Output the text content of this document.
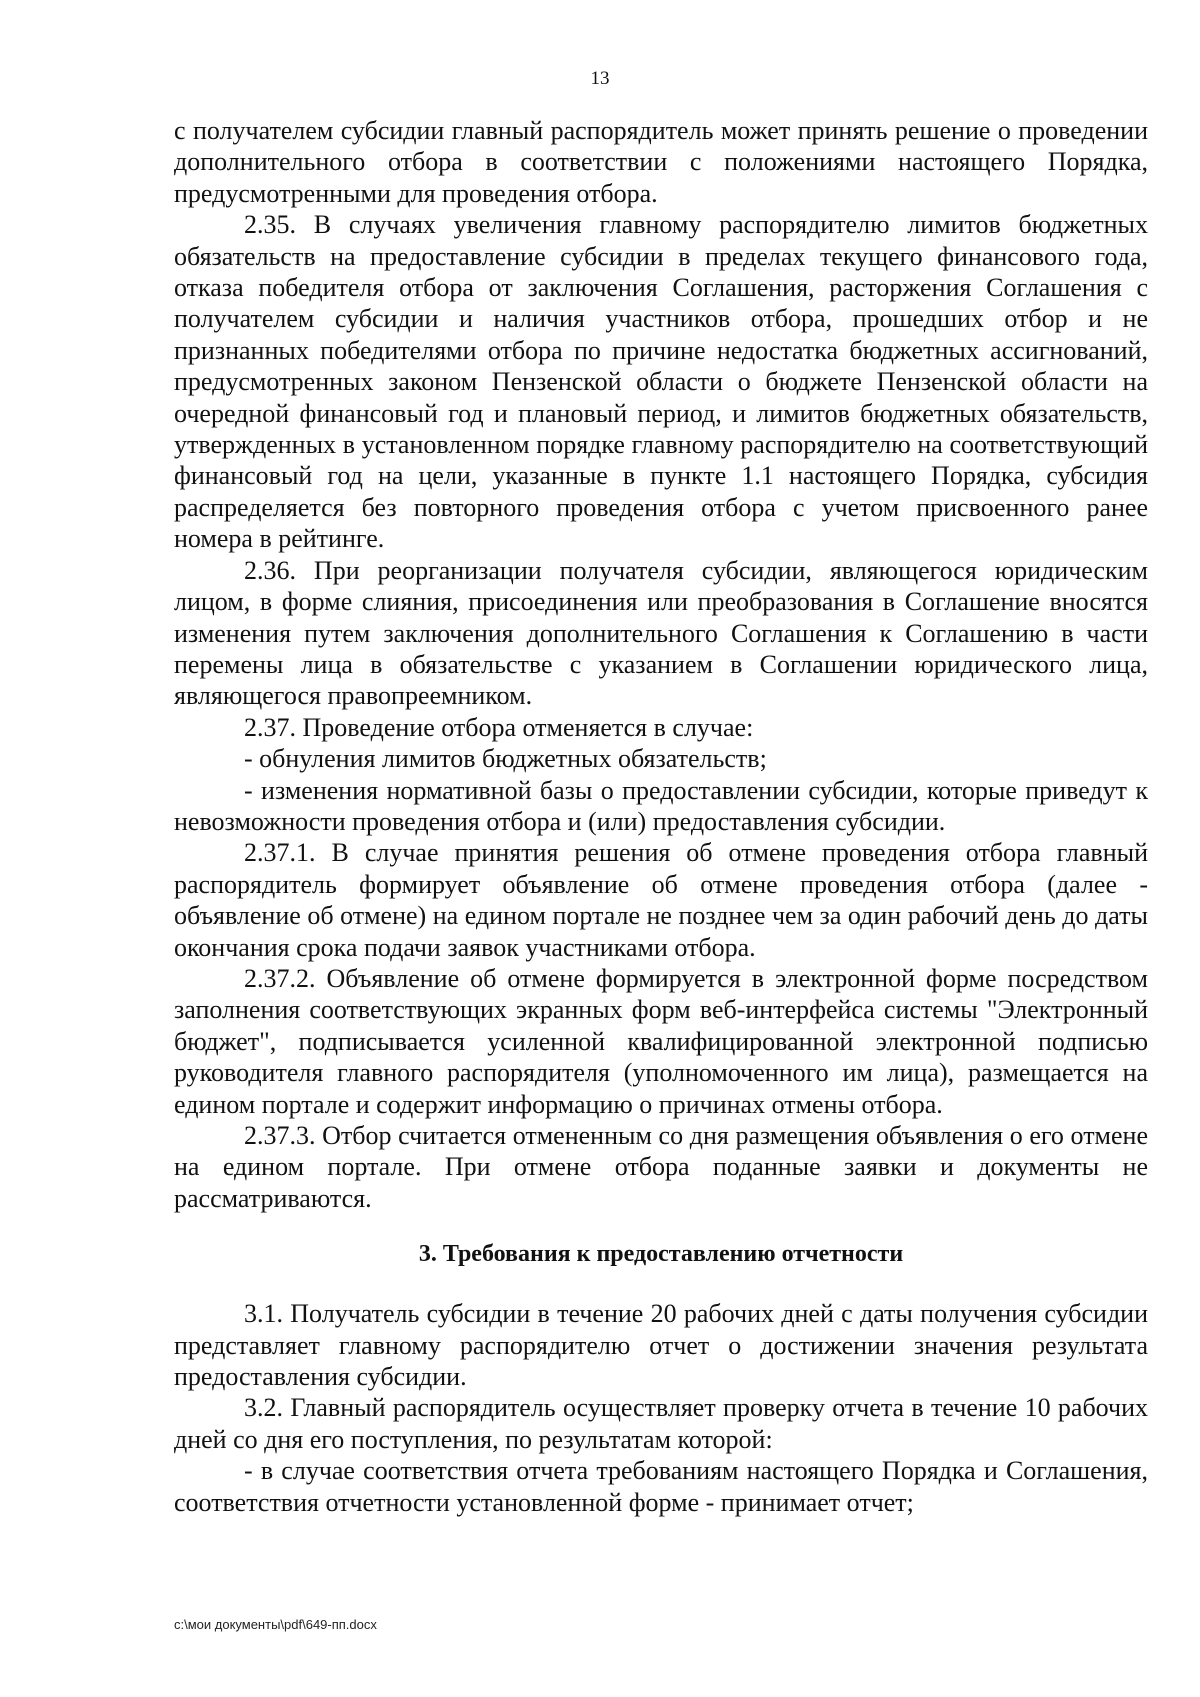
13

с получателем субсидии главный распорядитель может принять решение о проведении дополнительного отбора в соответствии с положениями настоящего Порядка, предусмотренными для проведения отбора.

2.35. В случаях увеличения главному распорядителю лимитов бюджетных обязательств на предоставление субсидии в пределах текущего финансового года, отказа победителя отбора от заключения Соглашения, расторжения Соглашения с получателем субсидии и наличия участников отбора, прошедших отбор и не признанных победителями отбора по причине недостатка бюджетных ассигнований, предусмотренных законом Пензенской области о бюджете Пензенской области на очередной финансовый год и плановый период, и лимитов бюджетных обязательств, утвержденных в установленном порядке главному распорядителю на соответствующий финансовый год на цели, указанные в пункте 1.1 настоящего Порядка, субсидия распределяется без повторного проведения отбора с учетом присвоенного ранее номера в рейтинге.

2.36. При реорганизации получателя субсидии, являющегося юридическим лицом, в форме слияния, присоединения или преобразования в Соглашение вносятся изменения путем заключения дополнительного Соглашения к Соглашению в части перемены лица в обязательстве с указанием в Соглашении юридического лица, являющегося правопреемником.

2.37. Проведение отбора отменяется в случае:

- обнуления лимитов бюджетных обязательств;

- изменения нормативной базы о предоставлении субсидии, которые приведут к невозможности проведения отбора и (или) предоставления субсидии.

2.37.1. В случае принятия решения об отмене проведения отбора главный распорядитель формирует объявление об отмене проведения отбора (далее - объявление об отмене) на едином портале не позднее чем за один рабочий день до даты окончания срока подачи заявок участниками отбора.

2.37.2. Объявление об отмене формируется в электронной форме посредством заполнения соответствующих экранных форм веб-интерфейса системы "Электронный бюджет", подписывается усиленной квалифицированной электронной подписью руководителя главного распорядителя (уполномоченного им лица), размещается на едином портале и содержит информацию о причинах отмены отбора.

2.37.3. Отбор считается отмененным со дня размещения объявления о его отмене на едином портале. При отмене отбора поданные заявки и документы не рассматриваются.

3. Требования к предоставлению отчетности

3.1. Получатель субсидии в течение 20 рабочих дней с даты получения субсидии представляет главному распорядителю отчет о достижении значения результата предоставления субсидии.

3.2. Главный распорядитель осуществляет проверку отчета в течение 10 рабочих дней со дня его поступления, по результатам которой:

- в случае соответствия отчета требованиям настоящего Порядка и Соглашения, соответствия отчетности установленной форме - принимает отчет;

c:\мои документы\pdf\649-пп.docx
